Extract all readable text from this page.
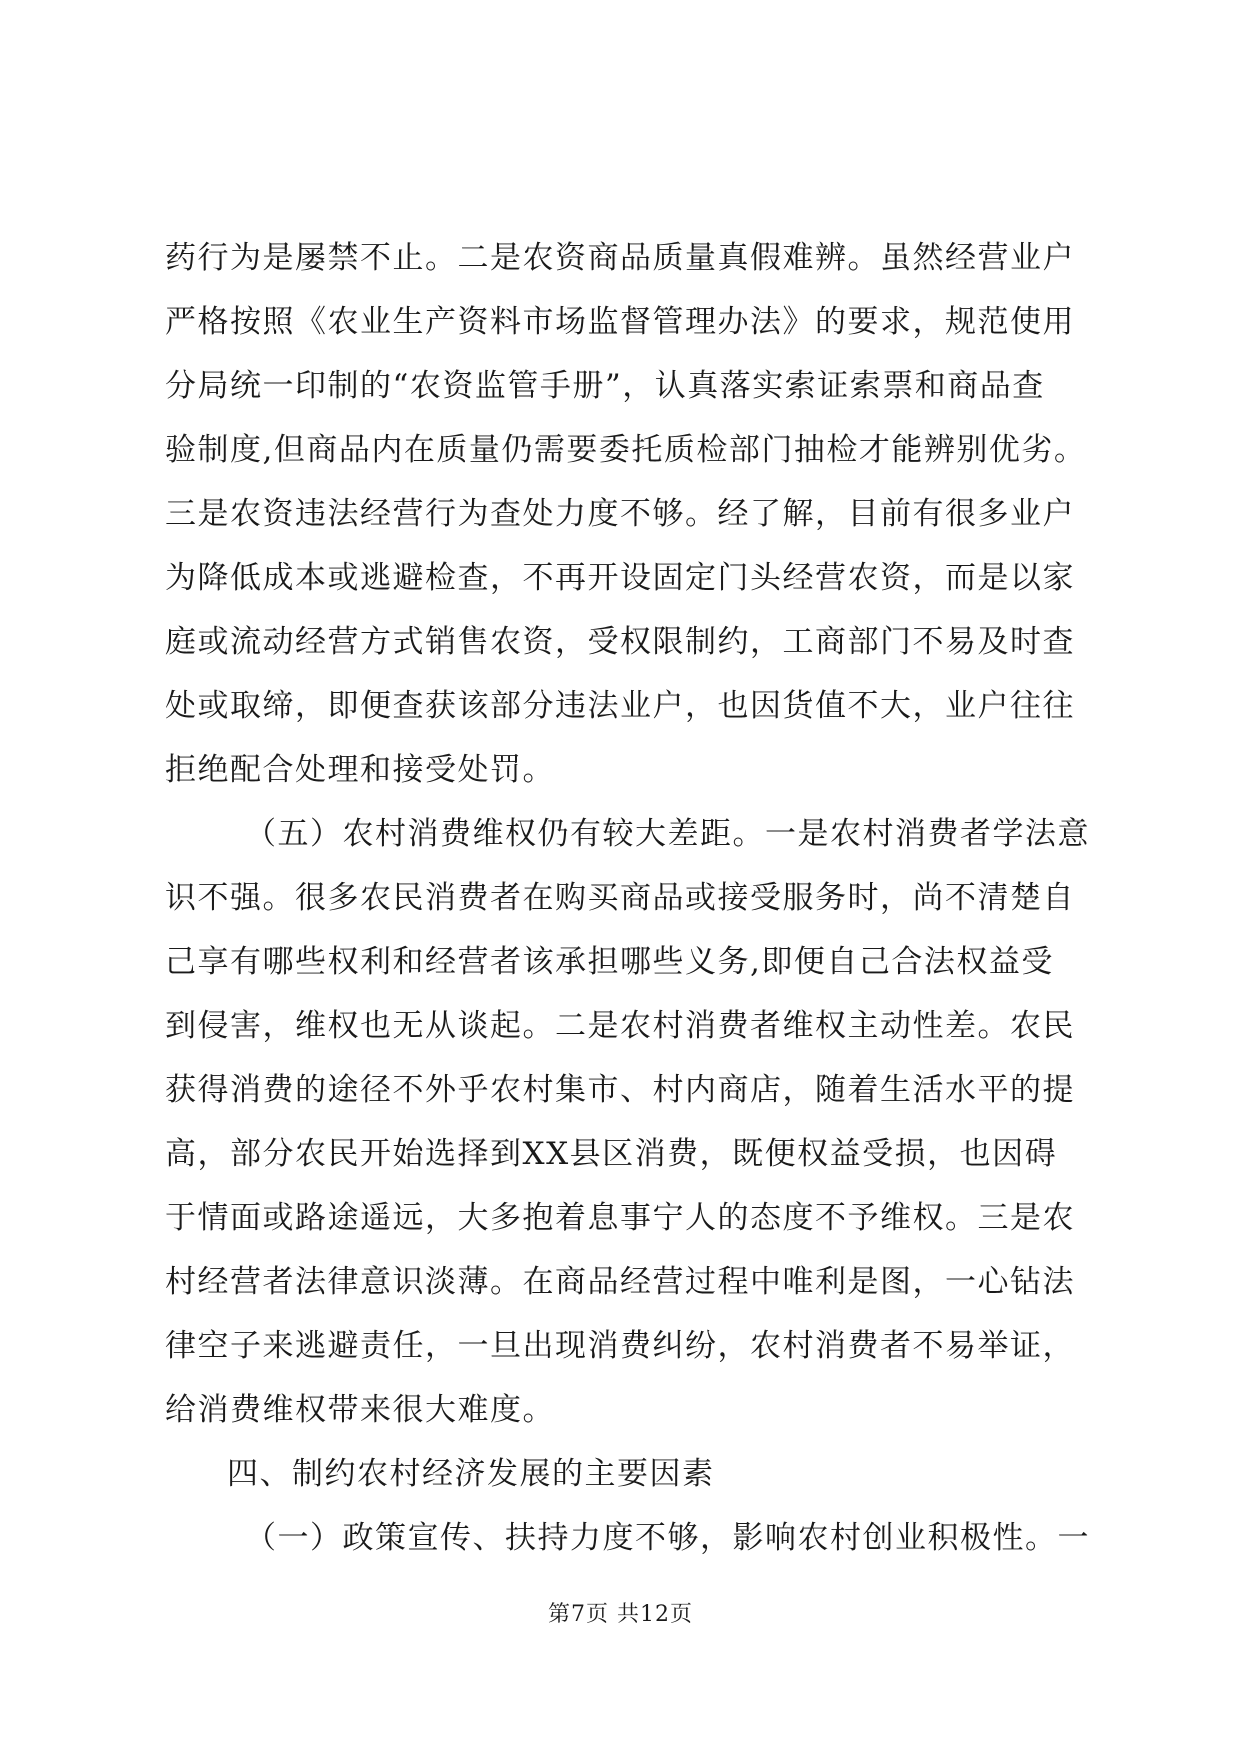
药行为是屡禁不止。二是农资商品质量真假难辨。虽然经营业户
严格按照《农业生产资料市场监督管理办法》的要求，规范使用
分局统一印制的“农资监管手册”，认真落实索证索票和商品查
验制度,但商品内在质量仍需要委托质检部门抽检才能辨别优劣。
三是农资违法经营行为查处力度不够。经了解，目前有很多业户
为降低成本或逃避检查，不再开设固定门头经营农资，而是以家
庭或流动经营方式销售农资，受权限制约，工商部门不易及时查
处或取缔，即便查获该部分违法业户，也因货值不大，业户往往
拒绝配合处理和接受处罚。
（五）农村消费维权仍有较大差距。一是农村消费者学法意
识不强。很多农民消费者在购买商品或接受服务时，尚不清楚自
己享有哪些权利和经营者该承担哪些义务,即便自己合法权益受
到侵害，维权也无从谈起。二是农村消费者维权主动性差。农民
获得消费的途径不外乎农村集市、村内商店，随着生活水平的提
高，部分农民开始选择到XX县区消费，既便权益受损，也因碍
于情面或路途遥远，大多抱着息事宁人的态度不予维权。三是农
村经营者法律意识淡薄。在商品经营过程中唯利是图，一心钻法
律空子来逃避责任，一旦出现消费纠纷，农村消费者不易举证，
给消费维权带来很大难度。
四、制约农村经济发展的主要因素
（一）政策宣传、扶持力度不够，影响农村创业积极性。一
第7页 共12页
